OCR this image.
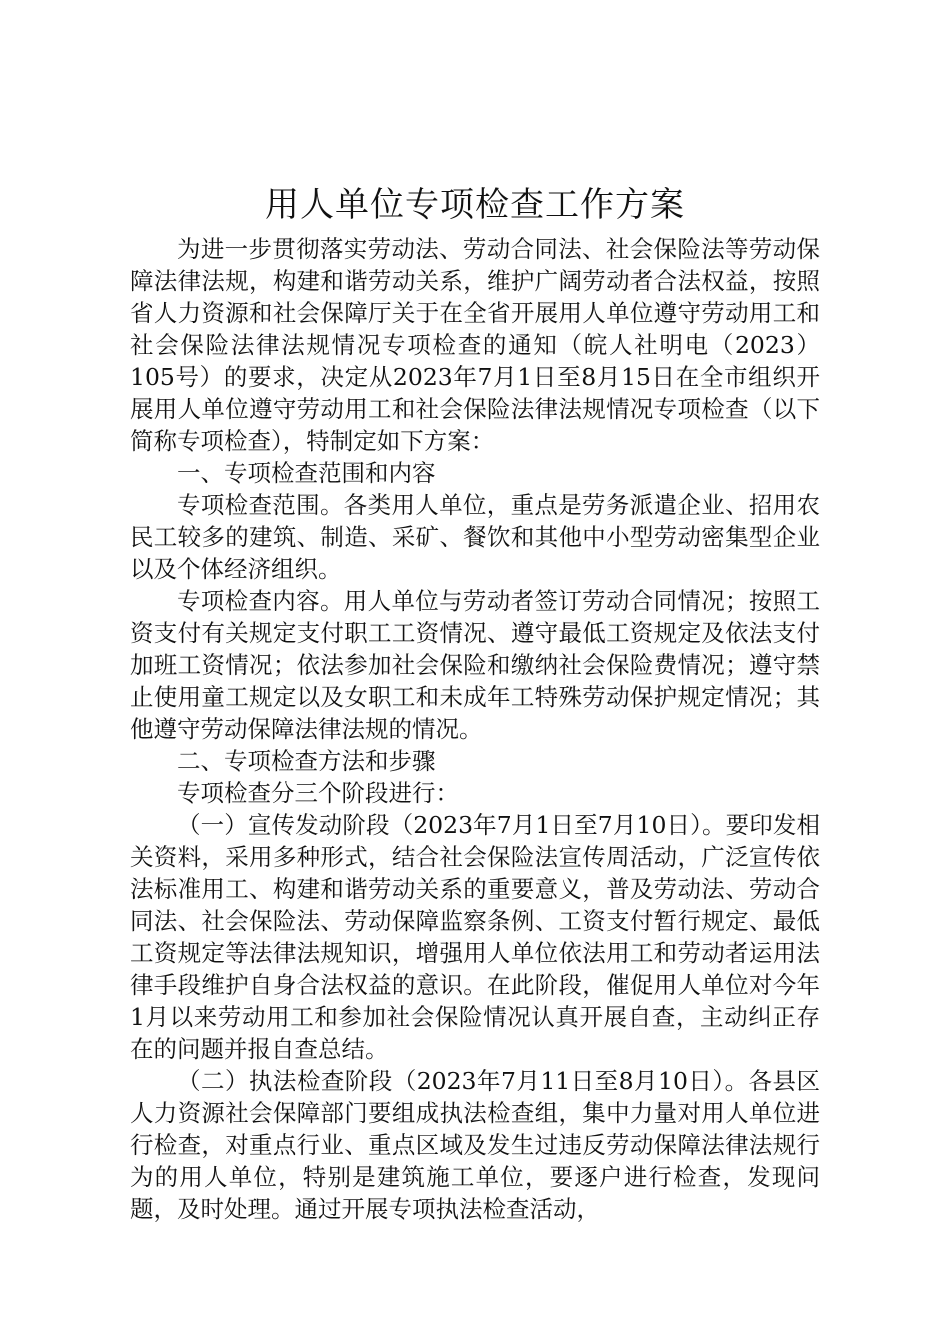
用人单位专项检查工作方案

为进一步贯彻落实劳动法、劳动合同法、社会保险法等劳动保障法律法规，构建和谐劳动关系，维护广阔劳动者合法权益，按照省人力资源和社会保障厅关于在全省开展用人单位遵守劳动用工和社会保险法律法规情况专项检查的通知（皖人社明电（2023）105号）的要求，决定从2023年7月1日至8月15日在全市组织开展用人单位遵守劳动用工和社会保险法律法规情况专项检查（以下简称专项检查），特制定如下方案：

一、专项检查范围和内容

专项检查范围。各类用人单位，重点是劳务派遣企业、招用农民工较多的建筑、制造、采矿、餐饮和其他中小型劳动密集型企业以及个体经济组织。

专项检查内容。用人单位与劳动者签订劳动合同情况；按照工资支付有关规定支付职工工资情况、遵守最低工资规定及依法支付加班工资情况；依法参加社会保险和缴纳社会保险费情况；遵守禁止使用童工规定以及女职工和未成年工特殊劳动保护规定情况；其他遵守劳动保障法律法规的情况。

二、专项检查方法和步骤

专项检查分三个阶段进行：

（一）宣传发动阶段（2023年7月1日至7月10日）。要印发相关资料，采用多种形式，结合社会保险法宣传周活动，广泛宣传依法标准用工、构建和谐劳动关系的重要意义，普及劳动法、劳动合同法、社会保险法、劳动保障监察条例、工资支付暂行规定、最低工资规定等法律法规知识，增强用人单位依法用工和劳动者运用法律手段维护自身合法权益的意识。在此阶段，催促用人单位对今年1月以来劳动用工和参加社会保险情况认真开展自查，主动纠正存在的问题并报自查总结。

（二）执法检查阶段（2023年7月11日至8月10日）。各县区人力资源社会保障部门要组成执法检查组，集中力量对用人单位进行检查，对重点行业、重点区域及发生过违反劳动保障法律法规行为的用人单位，特别是建筑施工单位，要逐户进行检查，发现问题，及时处理。通过开展专项执法检查活动，
